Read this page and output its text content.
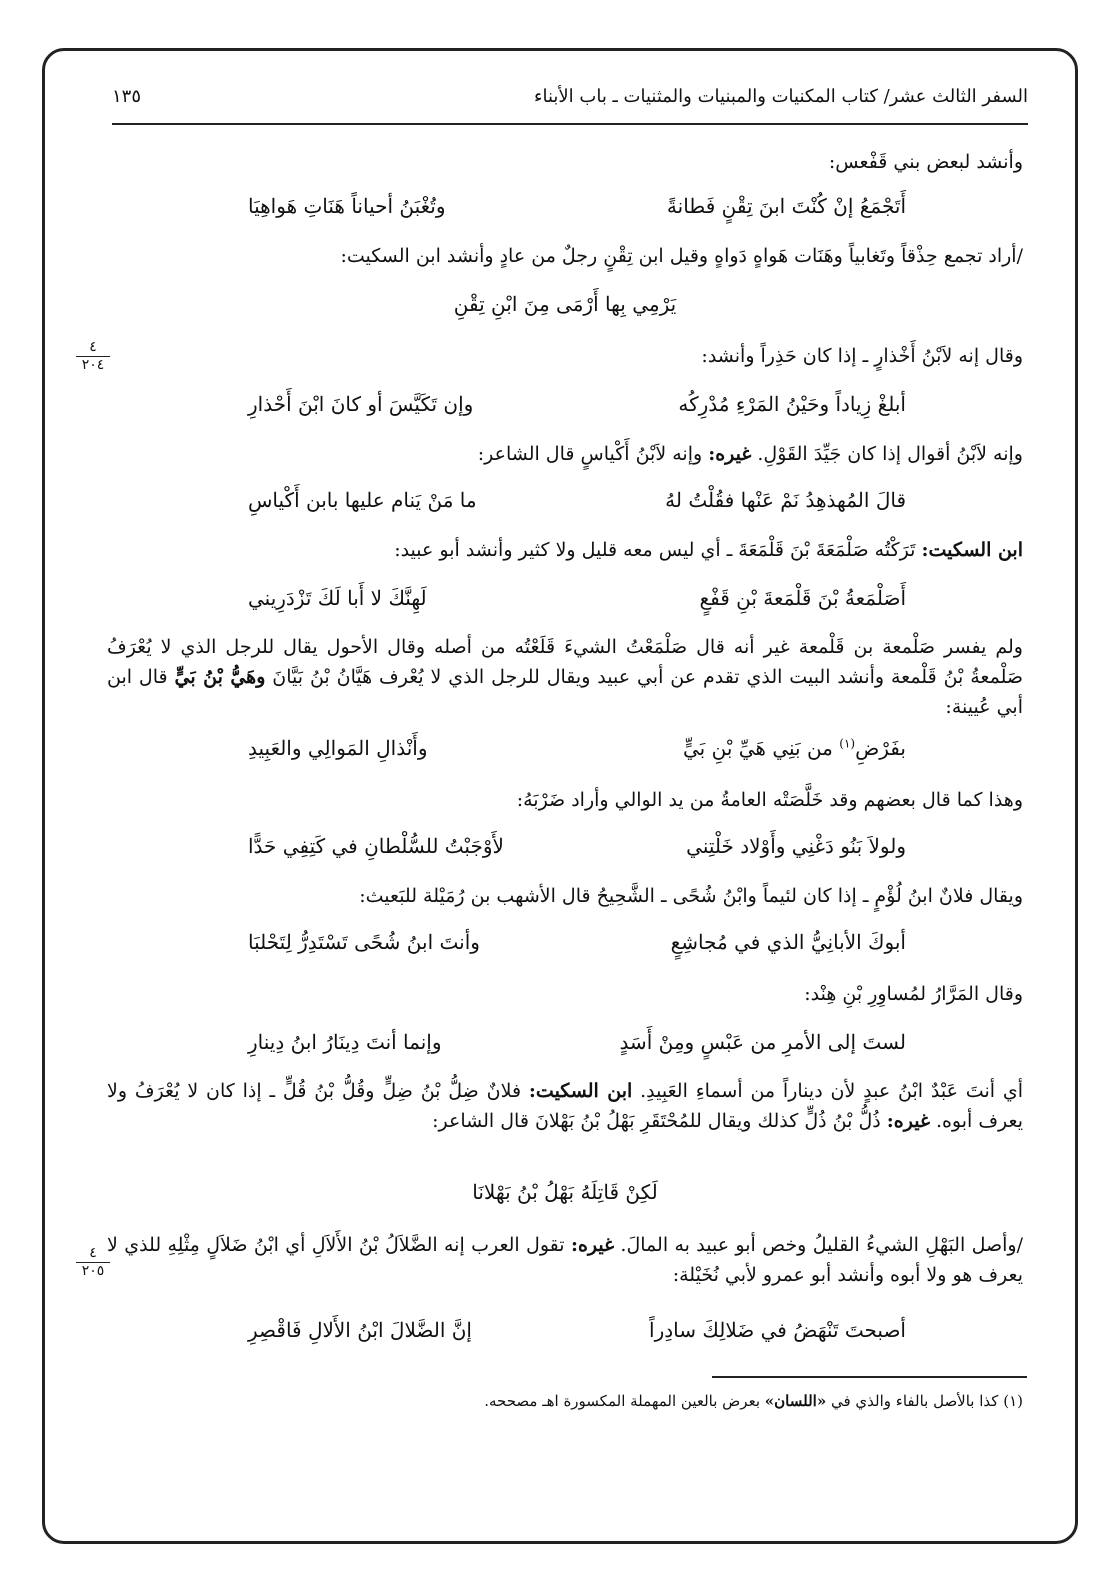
السفر الثالث عشر/ كتاب المكنيات والمبنيات والمثنيات ـ باب الأبناء
١٣٥
٤
٢٠٤
٤
٢٠٥
وأنشد لبعض بني قَفْعس:
أَتَجْمَعُ إنْ كُنْتَ ابنَ تِقْنٍ فَطانةً
وتُغْبَنُ أحياناً هَنَاتِ هَواهِيَا
/أراد تجمع حِذْقاً وتَغابياً وهَنَات هَواهٍ دَواهٍ وقيل ابن تِقْنٍ رجلٌ من عادٍ وأنشد ابن السكيت:
يَرْمِي بِها أَرْمَى مِنَ ابْنِ تِقْنِ
وقال إنه لاَبْنُ أَخْذارٍ ـ إذا كان حَذِراً وأنشد:
أبلغْ زِياداً وحَيْنُ المَرْءِ مُدْرِكُه
وإن تَكَيَّسَ أو كانَ ابْنَ أَحْذارِ
وإنه لاَبْنُ أقوال إذا كان جَيِّدَ القَوْلِ. غيره: وإنه لاَبْنُ أَكْياسٍ قال الشاعر:
قالَ المُهذهِدُ نَمْ عَنْها فقُلْتُ لهُ
ما مَنْ يَنام عليها بابن أَكْياسِ
ابن السكيت: تَرَكْتُه صَلْمَعَةَ بْنَ قَلْمَعَةَ ـ أي ليس معه قليل ولا كثير وأنشد أبو عبيد:
أَصَلْمَعةُ بْنَ قَلْمَعةَ بْنِ قَفْعٍ
لَهِنَّكَ لا أَبا لَكَ تَزْدَرِيني
ولم يفسر صَلْمعة بن قَلْمعة غير أنه قال صَلْمَعْتُ الشيءَ قَلَعْتُه من أصله وقال الأحول يقال للرجل الذي لا يُعْرَفُ صَلْمعةُ بْنُ قَلْمعة وأنشد البيت الذي تقدم عن أبي عبيد ويقال للرجل الذي لا يُعْرف هَيَّانُ بْنُ بَيَّانَ وهَيُّ بْنُ بَيٍّ قال ابن أبي عُيينة:
بفَرْضِ$^{(١)}$ من بَنِي هَيِّ بْنِ بَيٍّ
وأَنْذالِ المَوالِي والعَبِيدِ
وهذا كما قال بعضهم وقد خَلَّصَتْه العامةُ من يد الوالي وأراد ضَرْبَهُ:
ولولاَ بَنُو دَغْنِي وأَوْلاد خَلْتِني
لأَوْجَبْتُ للسُّلْطانِ في كَتِفِي حَدًّا
ويقال فلانٌ ابنُ لُؤْمٍ ـ إذا كان لئيماً وابْنُ شُحًى ـ الشَّحِيحُ قال الأشهب بن رُمَيْلة للبَعيث:
أبوكَ الأبانِيُّ الذي في مُجاشِعٍ
وأنتَ ابنُ شُحًى تَسْتَدِرُّ لِتَحْلبَا
وقال المَرَّارُ لمُساوِرِ بْنِ هِنْد:
لستَ إلى الأمرِ من عَبْسٍ ومِنْ أَسَدٍ
وإنما أنتَ دِينَارُ ابنُ دِينارِ
أي أنتَ عَبْدٌ ابْنُ عبدٍ لأن ديناراً من أسماءِ العَبِيدِ. ابن السكيت: فلانٌ ضِلُّ بْنُ ضِلٍّ وقُلُّ بْنُ قُلٍّ ـ إذا كان لا يُعْرَفُ ولا يعرف أبوه. غيره: ذُلُّ بْنُ ذُلٍّ كذلك ويقال للمُحْتَقَرِ بَهْلُ بْنُ بَهْلانَ قال الشاعر:
لَكِنْ قَاتِلَهُ بَهْلُ بْنُ بَهْلانَا
/وأصل البَهْلِ الشيءُ القليلُ وخص أبو عبيد به المالَ. غيره: تقول العرب إنه الضَّلاَلُ بْنُ الأَلاَلِ أي ابْنُ ضَلاَلٍ مِثْلِهِ للذي لا يعرف هو ولا أبوه وأنشد أبو عمرو لأبي نُخَيْلة:
أصبحتَ تَنْهَضُ في ضَلالِكَ سادِراً
إنَّ الضَّلالَ ابْنُ الأَلالِ فَاقْصِرِ
(١) كذا بالأصل بالفاء والذي في «اللسان» بعرض بالعين المهملة المكسورة اهـ مصححه.
